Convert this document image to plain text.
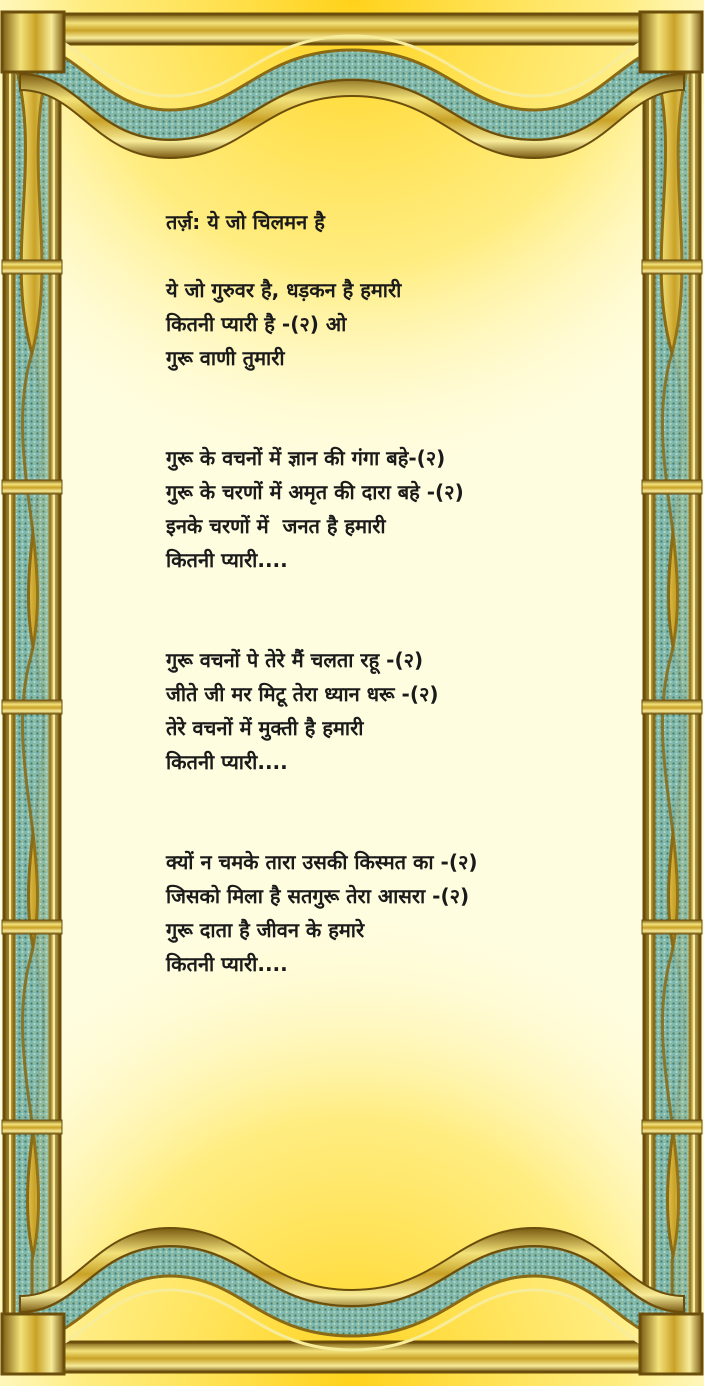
तर्ज़: ये जो चिलमन है
ये जो गुरुवर है, धड़कन है हमारी
कितनी प्यारी है -(२) ओ
गुरू वाणी तुमारी
गुरू के वचनों में ज्ञान की गंगा बहे-(२)
गुरू के चरणों में अमृत की दारा बहे -(२)
इनके चरणों में  जनत है हमारी
कितनी प्यारी....
गुरू वचनों पे तेरे मैं चलता रहू -(२)
जीते जी मर मिटू तेरा ध्यान धरू -(२)
तेरे वचनों में मुक्ती है हमारी
कितनी प्यारी....
क्यों न चमके तारा उसकी किस्मत का -(२)
जिसको मिला है सतगुरू तेरा आसरा -(२)
गुरू दाता है जीवन के हमारे
कितनी प्यारी....
